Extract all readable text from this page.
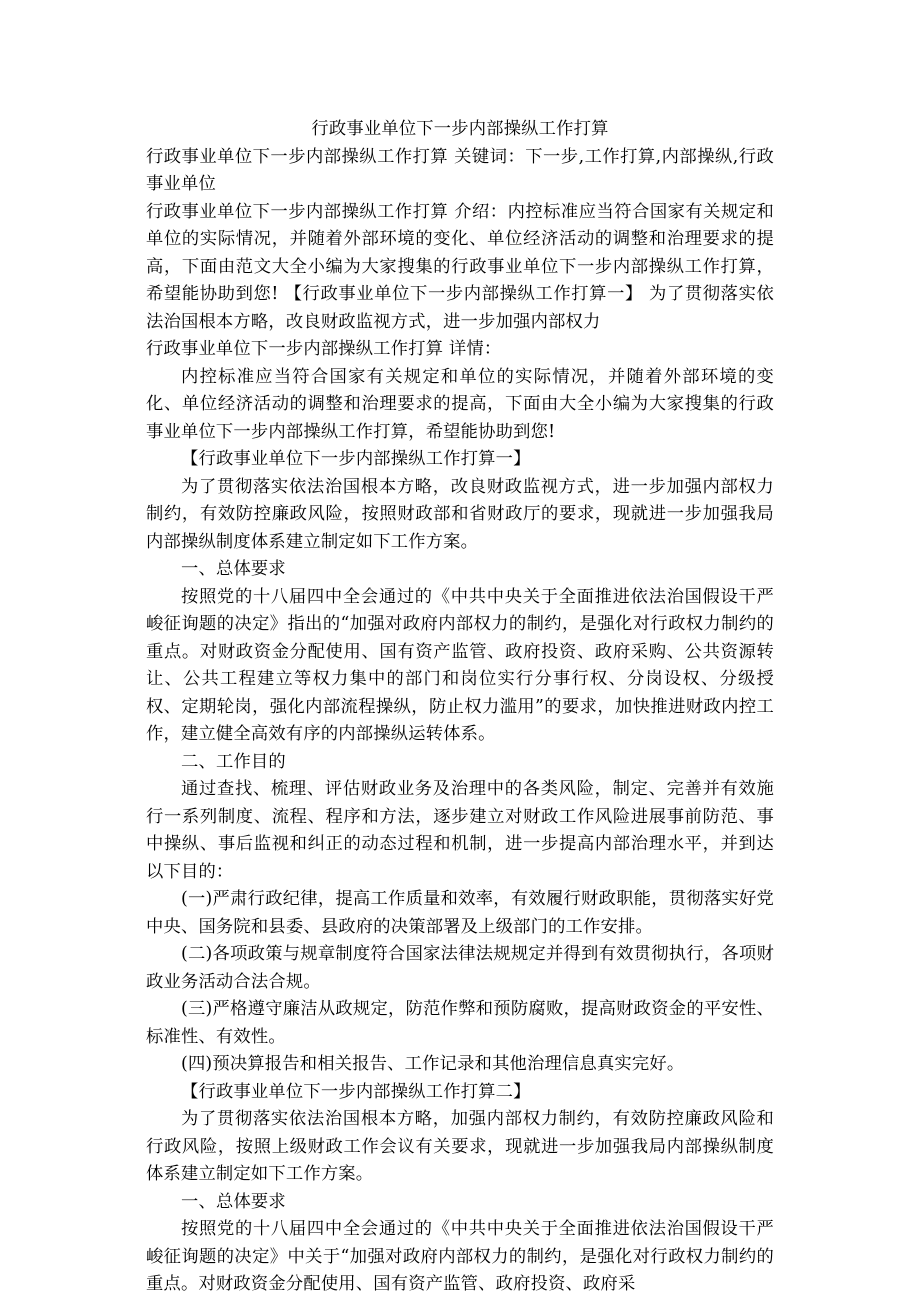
行政事业单位下一步内部操纵工作打算

行政事业单位下一步内部操纵工作打算 关键词：下一步,工作打算,内部操纵,行政事业单位

行政事业单位下一步内部操纵工作打算 介绍：内控标准应当符合国家有关规定和单位的实际情况，并随着外部环境的变化、单位经济活动的调整和治理要求的提高，下面由范文大全小编为大家搜集的行政事业单位下一步内部操纵工作打算，希望能协助到您! 【行政事业单位下一步内部操纵工作打算一】 为了贯彻落实依法治国根本方略，改良财政监视方式，进一步加强内部权力

行政事业单位下一步内部操纵工作打算 详情：

内控标准应当符合国家有关规定和单位的实际情况，并随着外部环境的变化、单位经济活动的调整和治理要求的提高，下面由大全小编为大家搜集的行政事业单位下一步内部操纵工作打算，希望能协助到您!

【行政事业单位下一步内部操纵工作打算一】

为了贯彻落实依法治国根本方略，改良财政监视方式，进一步加强内部权力制约，有效防控廉政风险，按照财政部和省财政厅的要求，现就进一步加强我局内部操纵制度体系建立制定如下工作方案。

一、总体要求

按照党的十八届四中全会通过的《中共中央关于全面推进依法治国假设干严峻征询题的决定》指出的“加强对政府内部权力的制约，是强化对行政权力制约的重点。对财政资金分配使用、国有资产监管、政府投资、政府采购、公共资源转让、公共工程建立等权力集中的部门和岗位实行分事行权、分岗设权、分级授权、定期轮岗，强化内部流程操纵，防止权力滥用”的要求，加快推进财政内控工作，建立健全高效有序的内部操纵运转体系。

二、工作目的

通过查找、梳理、评估财政业务及治理中的各类风险，制定、完善并有效施行一系列制度、流程、程序和方法，逐步建立对财政工作风险进展事前防范、事中操纵、事后监视和纠正的动态过程和机制，进一步提高内部治理水平，并到达以下目的：

(一)严肃行政纪律，提高工作质量和效率，有效履行财政职能，贯彻落实好党中央、国务院和县委、县政府的决策部署及上级部门的工作安排。

(二)各项政策与规章制度符合国家法律法规规定并得到有效贯彻执行，各项财政业务活动合法合规。

(三)严格遵守廉洁从政规定，防范作弊和预防腐败，提高财政资金的平安性、标准性、有效性。

(四)预决算报告和相关报告、工作记录和其他治理信息真实完好。

【行政事业单位下一步内部操纵工作打算二】

为了贯彻落实依法治国根本方略，加强内部权力制约，有效防控廉政风险和行政风险，按照上级财政工作会议有关要求，现就进一步加强我局内部操纵制度体系建立制定如下工作方案。

一、总体要求

按照党的十八届四中全会通过的《中共中央关于全面推进依法治国假设干严峻征询题的决定》中关于“加强对政府内部权力的制约，是强化对行政权力制约的重点。对财政资金分配使用、国有资产监管、政府投资、政府采
